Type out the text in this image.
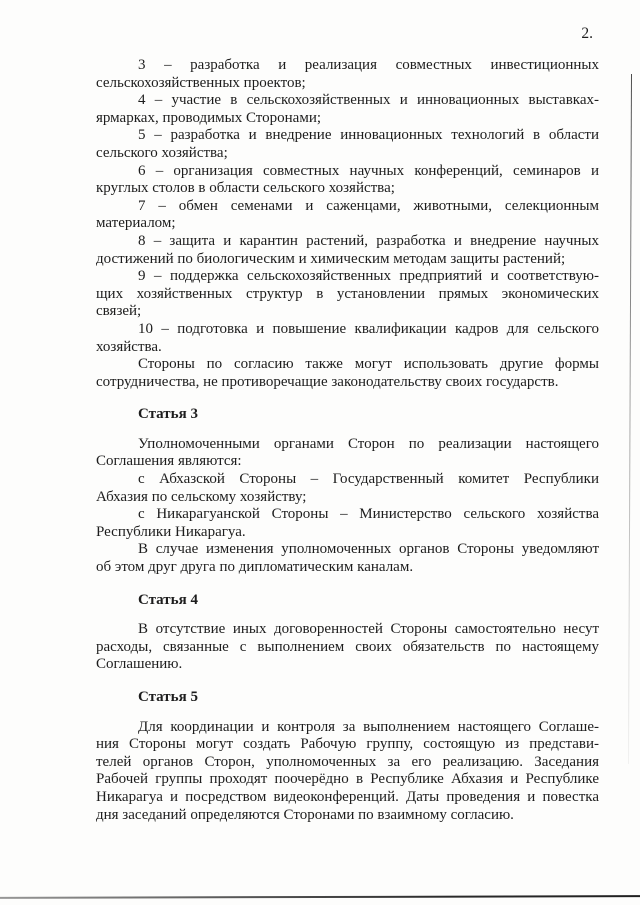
2.
3 – разработка и реализация совместных инвестиционных
сельскохозяйственных проектов;
4 – участие в сельскохозяйственных и инновационных выставках-
ярмарках, проводимых Сторонами;
5 – разработка и внедрение инновационных технологий в области
сельского хозяйства;
6 – организация совместных научных конференций, семинаров и
круглых столов в области сельского хозяйства;
7 – обмен семенами и саженцами, животными, селекционным
материалом;
8 – защита и карантин растений, разработка и внедрение научных
достижений по биологическим и химическим методам защиты растений;
9 – поддержка сельскохозяйственных предприятий и соответствую-
щих хозяйственных структур в установлении прямых экономических
связей;
10 – подготовка и повышение квалификации кадров для сельского
хозяйства.
Стороны по согласию также могут использовать другие формы
сотрудничества, не противоречащие законодательству своих государств.
Статья 3
Уполномоченными органами Сторон по реализации настоящего
Соглашения являются:
с Абхазской Стороны – Государственный комитет Республики
Абхазия по сельскому хозяйству;
с Никарагуанской Стороны – Министерство сельского хозяйства
Республики Никарагуа.
В случае изменения уполномоченных органов Стороны уведомляют
об этом друг друга по дипломатическим каналам.
Статья 4
В отсутствие иных договоренностей Стороны самостоятельно несут
расходы, связанные с выполнением своих обязательств по настоящему
Соглашению.
Статья 5
Для координации и контроля за выполнением настоящего Соглаше-
ния Стороны могут создать Рабочую группу, состоящую из представи-
телей органов Сторон, уполномоченных за его реализацию. Заседания
Рабочей группы проходят поочерёдно в Республике Абхазия и Республике
Никарагуа и посредством видеоконференций. Даты проведения и повестка
дня заседаний определяются Сторонами по взаимному согласию.
